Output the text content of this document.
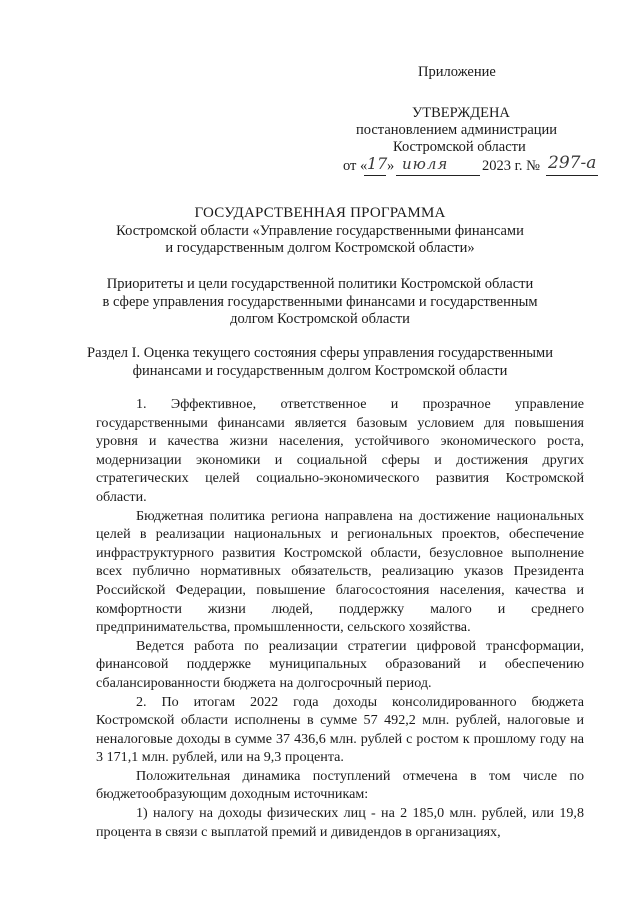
Приложение
УТВЕРЖДЕНА
постановлением администрации
Костромской области
от « 17 » июля 2023 г. № 297-а
ГОСУДАРСТВЕННАЯ ПРОГРАММА
Костромской области «Управление государственными финансами
и государственным долгом Костромской области»
Приоритеты и цели государственной политики Костромской области
в сфере управления государственными финансами и государственным
долгом Костромской области
Раздел I. Оценка текущего состояния сферы управления государственными
финансами и государственным долгом Костромской области

1. Эффективное, ответственное и прозрачное управление государственными финансами является базовым условием для повышения уровня и качества жизни населения, устойчивого экономического роста, модернизации экономики и социальной сферы и достижения других стратегических целей социально-экономического развития Костромской области.

Бюджетная политика региона направлена на достижение национальных целей в реализации национальных и региональных проектов, обеспечение инфраструктурного развития Костромской области, безусловное выполнение всех публично нормативных обязательств, реализацию указов Президента Российской Федерации, повышение благосостояния населения, качества и комфортности жизни людей, поддержку малого и среднего предпринимательства, промышленности, сельского хозяйства.

Ведется работа по реализации стратегии цифровой трансформации, финансовой поддержке муниципальных образований и обеспечению сбалансированности бюджета на долгосрочный период.

2. По итогам 2022 года доходы консолидированного бюджета Костромской области исполнены в сумме 57 492,2 млн. рублей, налоговые и неналоговые доходы в сумме 37 436,6 млн. рублей с ростом к прошлому году на 3 171,1 млн. рублей, или на 9,3 процента.

Положительная динамика поступлений отмечена в том числе по бюджетообразующим доходным источникам:

1) налогу на доходы физических лиц - на 2 185,0 млн. рублей, или 19,8 процента в связи с выплатой премий и дивидендов в организациях,
